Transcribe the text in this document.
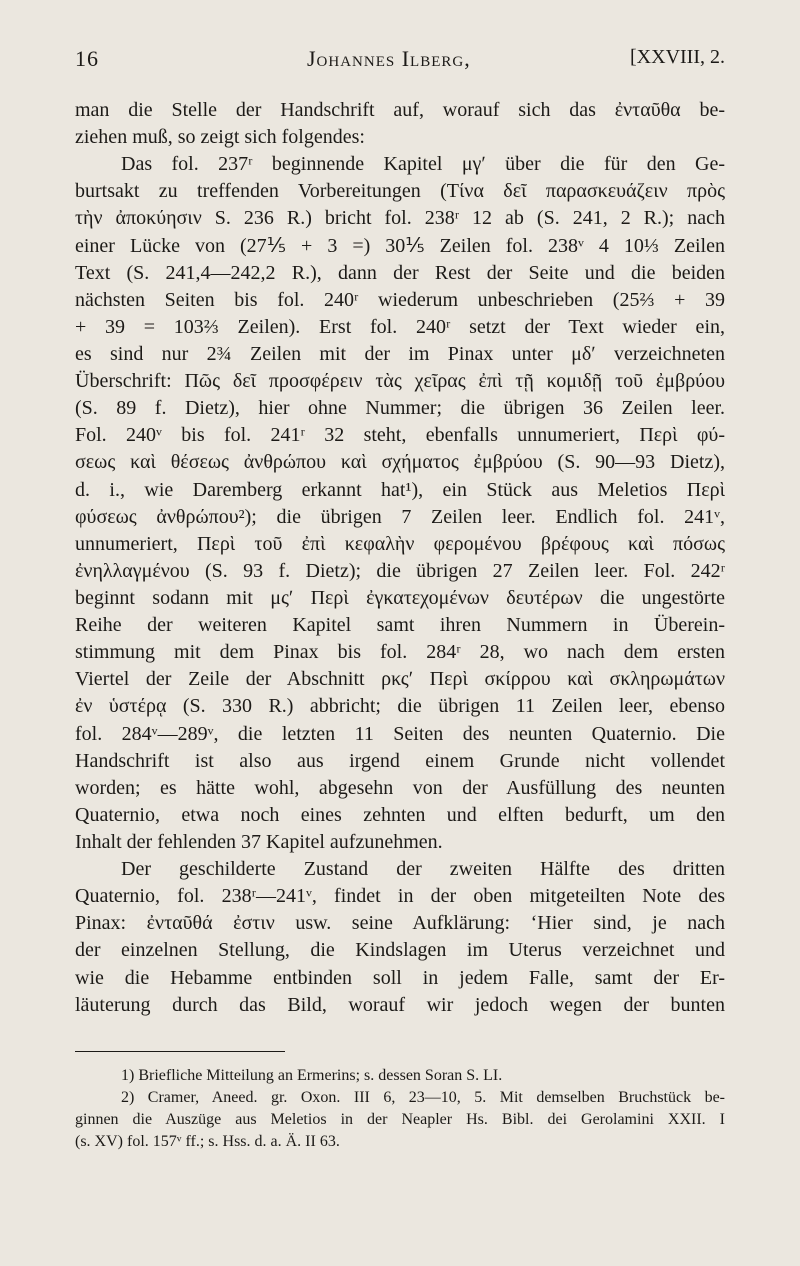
16	Johannes Ilberg,	[XXVIII, 2.
man die Stelle der Handschrift auf, worauf sich das ἐνταῦθα be-
ziehen muß, so zeigt sich folgendes:
Das fol. 237ʳ beginnende Kapitel μγʹ über die für den Ge-
burtsakt zu treffenden Vorbereitungen (Τίνα δεῖ παρασκευάζειν πρὸς
τὴν ἀποκύησιν S. 236 R.) bricht fol. 238ʳ 12 ab (S. 241, 2 R.); nach
einer Lücke von (27⅕ + 3 =) 30⅕ Zeilen fol. 238ᵛ 4 10⅓ Zeilen
Text (S. 241,4—242,2 R.), dann der Rest der Seite und die beiden
nächsten Seiten bis fol. 240ʳ wiederum unbeschrieben (25⅔ + 39
+ 39 = 103⅔ Zeilen). Erst fol. 240ʳ setzt der Text wieder ein,
es sind nur 2¾ Zeilen mit der im Pinax unter μδʹ verzeichneten
Überschrift: Πῶς δεῖ προσφέρειν τὰς χεῖρας ἐπὶ τῇ κομιδῇ τοῦ ἐμβρύου
(S. 89 f. Dietz), hier ohne Nummer; die übrigen 36 Zeilen leer.
Fol. 240ᵛ bis fol. 241ʳ 32 steht, ebenfalls unnumeriert, Περὶ φύ-
σεως καὶ θέσεως ἀνθρώπου καὶ σχήματος ἐμβρύου (S. 90—93 Dietz),
d. i., wie Daremberg erkannt hat¹), ein Stück aus Meletios Περὶ
φύσεως ἀνθρώπου²); die übrigen 7 Zeilen leer. Endlich fol. 241ᵛ,
unnumeriert, Περὶ τοῦ ἐπὶ κεφαλὴν φερομένου βρέφους καὶ πόσως
ἐνηλλαγμένου (S. 93 f. Dietz); die übrigen 27 Zeilen leer. Fol. 242ʳ
beginnt sodann mit μςʹ Περὶ ἐγκατεχομένων δευτέρων die ungestörte
Reihe der weiteren Kapitel samt ihren Nummern in Überein-
stimmung mit dem Pinax bis fol. 284ʳ 28, wo nach dem ersten
Viertel der Zeile der Abschnitt ρκςʹ Περὶ σκίρρου καὶ σκληρωμάτων
ἐν ὑστέρᾳ (S. 330 R.) abbricht; die übrigen 11 Zeilen leer, ebenso
fol. 284ᵛ—289ᵛ, die letzten 11 Seiten des neunten Quaternio. Die
Handschrift ist also aus irgend einem Grunde nicht vollendet
worden; es hätte wohl, abgesehn von der Ausfüllung des neunten
Quaternio, etwa noch eines zehnten und elften bedurft, um den
Inhalt der fehlenden 37 Kapitel aufzunehmen.
Der geschilderte Zustand der zweiten Hälfte des dritten
Quaternio, fol. 238ʳ—241ᵛ, findet in der oben mitgeteilten Note des
Pinax: ἐνταῦθά ἐστιν usw. seine Aufklärung: ‘Hier sind, je nach
der einzelnen Stellung, die Kindslagen im Uterus verzeichnet und
wie die Hebamme entbinden soll in jedem Falle, samt der Er-
läuterung durch das Bild, worauf wir jedoch wegen der bunten
1) Briefliche Mitteilung an Ermerins; s. dessen Soran S. LI.
2) Cramer, Aneed. gr. Oxon. III 6, 23—10, 5. Mit demselben Bruchstück be-
ginnen die Auszüge aus Meletios in der Neapler Hs. Bibl. dei Gerolamini XXII. I
(s. XV) fol. 157ᵛ ff.; s. Hss. d. a. Ä. II 63.
